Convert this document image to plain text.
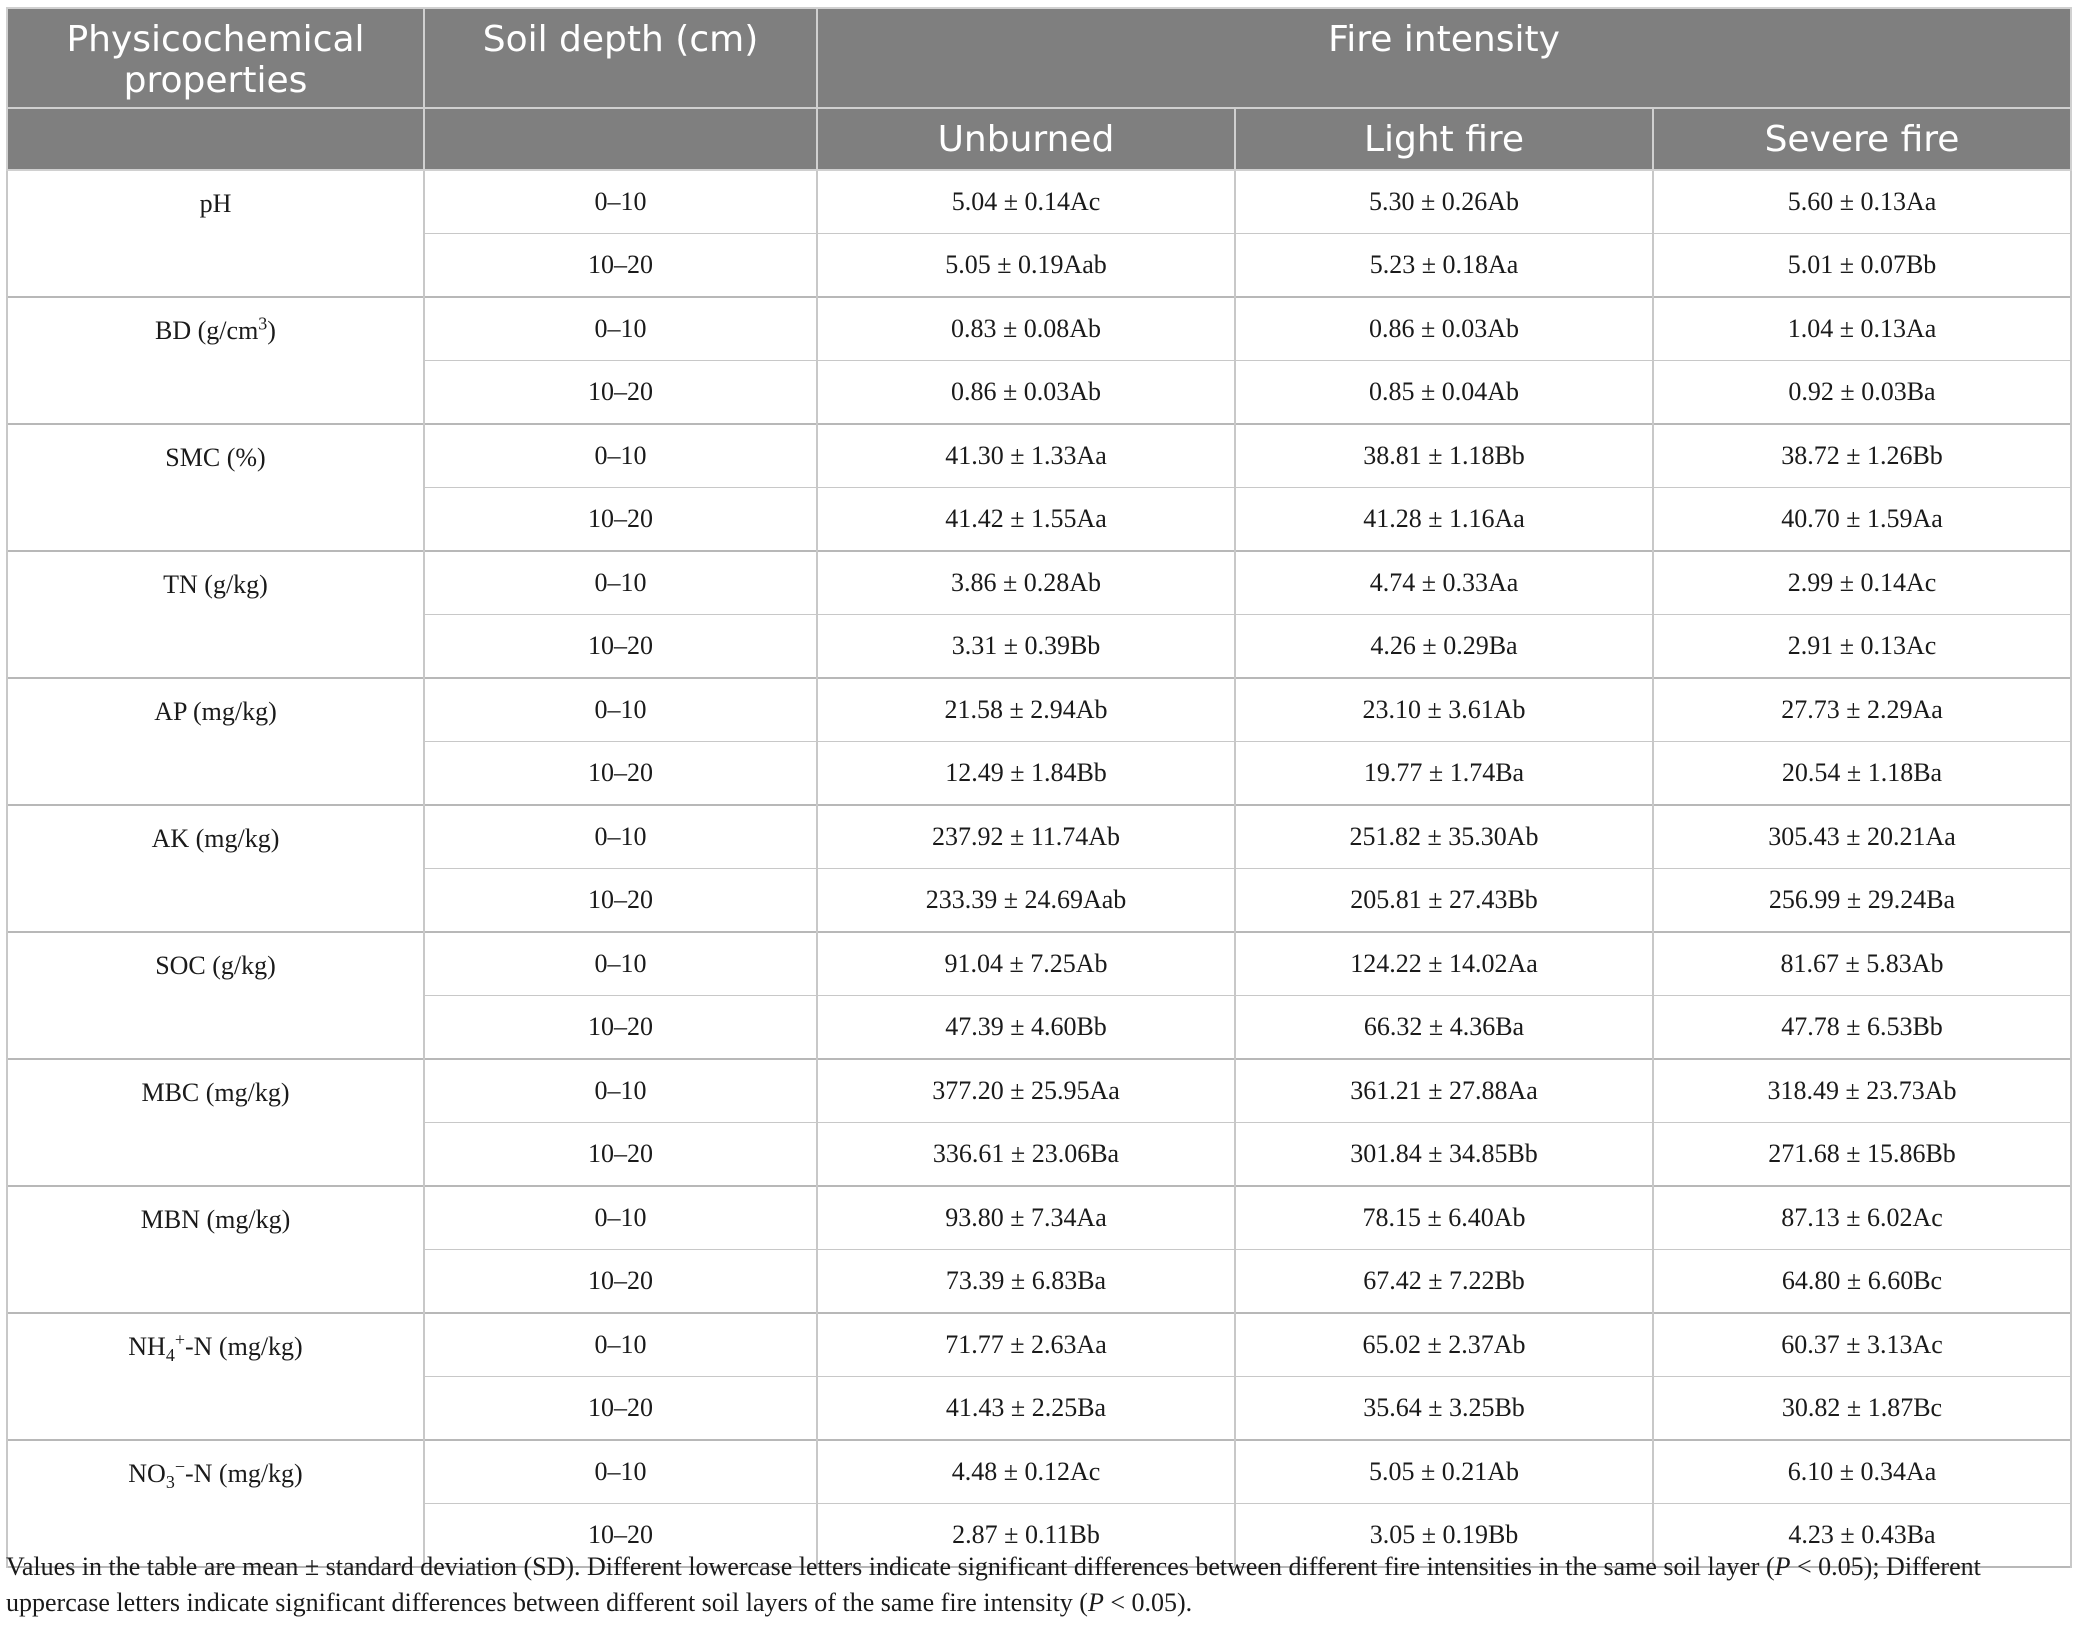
Physicochemical properties	Soil depth (cm)	Fire intensity		
		Unburned	Light fire	Severe fire
pH	0–10	5.04 ± 0.14Ac	5.30 ± 0.26Ab	5.60 ± 0.13Aa
	10–20	5.05 ± 0.19Aab	5.23 ± 0.18Aa	5.01 ± 0.07Bb
BD $(g/cm^3)$	0–10	0.83 ± 0.08Ab	0.86 ± 0.03Ab	1.04 ± 0.13Aa
	10–20	0.86 ± 0.03Ab	0.85 ± 0.04Ab	0.92 ± 0.03Ba
SMC (%)	0–10	41.30 ± 1.33Aa	38.81 ± 1.18Bb	38.72 ± 1.26Bb
	10–20	41.42 ± 1.55Aa	41.28 ± 1.16Aa	40.70 ± 1.59Aa
TN (g/kg)	0–10	3.86 ± 0.28Ab	4.74 ± 0.33Aa	2.99 ± 0.14Ac
	10–20	3.31 ± 0.39Bb	4.26 ± 0.29Ba	2.91 ± 0.13Ac
AP (mg/kg)	0–10	21.58 ± 2.94Ab	23.10 ± 3.61Ab	27.73 ± 2.29Aa
	10–20	12.49 ± 1.84Bb	19.77 ± 1.74Ba	20.54 ± 1.18Ba
AK (mg/kg)	0–10	237.92 ± 11.74Ab	251.82 ± 35.30Ab	305.43 ± 20.21Aa
	10–20	233.39 ± 24.69Aab	205.81 ± 27.43Bb	256.99 ± 29.24Ba
SOC (g/kg)	0–10	91.04 ± 7.25Ab	124.22 ± 14.02Aa	81.67 ± 5.83Ab
	10–20	47.39 ± 4.60Bb	66.32 ± 4.36Ba	47.78 ± 6.53Bb
MBC (mg/kg)	0–10	377.20 ± 25.95Aa	361.21 ± 27.88Aa	318.49 ± 23.73Ab
	10–20	336.61 ± 23.06Ba	301.84 ± 34.85Bb	271.68 ± 15.86Bb
MBN (mg/kg)	0–10	93.80 ± 7.34Aa	78.15 ± 6.40Ab	87.13 ± 6.02Ac
	10–20	73.39 ± 6.83Ba	67.42 ± 7.22Bb	64.80 ± 6.60Bc
$NH_4^+-N$ (mg/kg)	0–10	71.77 ± 2.63Aa	65.02 ± 2.37Ab	60.37 ± 3.13Ac
	10–20	41.43 ± 2.25Ba	35.64 ± 3.25Bb	30.82 ± 1.87Bc
$NO_3^--N$ (mg/kg)	0–10	4.48 ± 0.12Ac	5.05 ± 0.21Ab	6.10 ± 0.34Aa
	10–20	2.87 ± 0.11Bb	3.05 ± 0.19Bb	4.23 ± 0.43Ba
Values in the table are mean ± standard deviation (SD). Different lowercase letters indicate significant differences between different fire intensities in the same soil layer (P < 0.05); Different uppercase letters indicate significant differences between different soil layers of the same fire intensity (P < 0.05).
